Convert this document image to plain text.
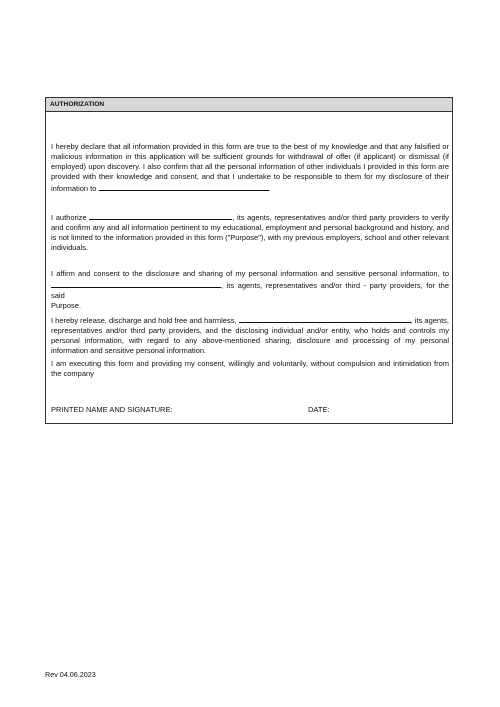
AUTHORIZATION

I hereby declare that all information provided in this form are true to the best of my knowledge and that any falsified or malicious information in this application will be sufficient grounds for withdrawal of offer (if applicant) or dismissal (if employed) upon discovery. I also confirm that all the personal information of other individuals I provided in this form are provided with their knowledge and consent, and that I undertake to be responsible to them for my disclosure of their information to	.

I authorize	, its agents, representatives and/or third party providers to verify and confirm any and all information pertinent to my educational, employment and personal background and history, and is not limited to the information provided in this form ("Purpose"), with my previous employers, school and other relevant individuals.

I affirm and consent to the disclosure and sharing of my personal information and sensitive personal information, to , its agents, representatives and/or third - party providers, for the said
Purpose.

I hereby release, discharge and hold free and harmless,	, its agents, representatives and/or third party providers, and the disclosing individual and/or entity, who holds and controls my personal information, with regard to any above-mentioned sharing, disclosure and processing of my personal information and sensitive personal information.

I am executing this form and providing my consent, willingly and voluntarily, without compulsion and intimidation from the company

PRINTED NAME AND SIGNATURE:	DATE:
Rev 04.06.2023
